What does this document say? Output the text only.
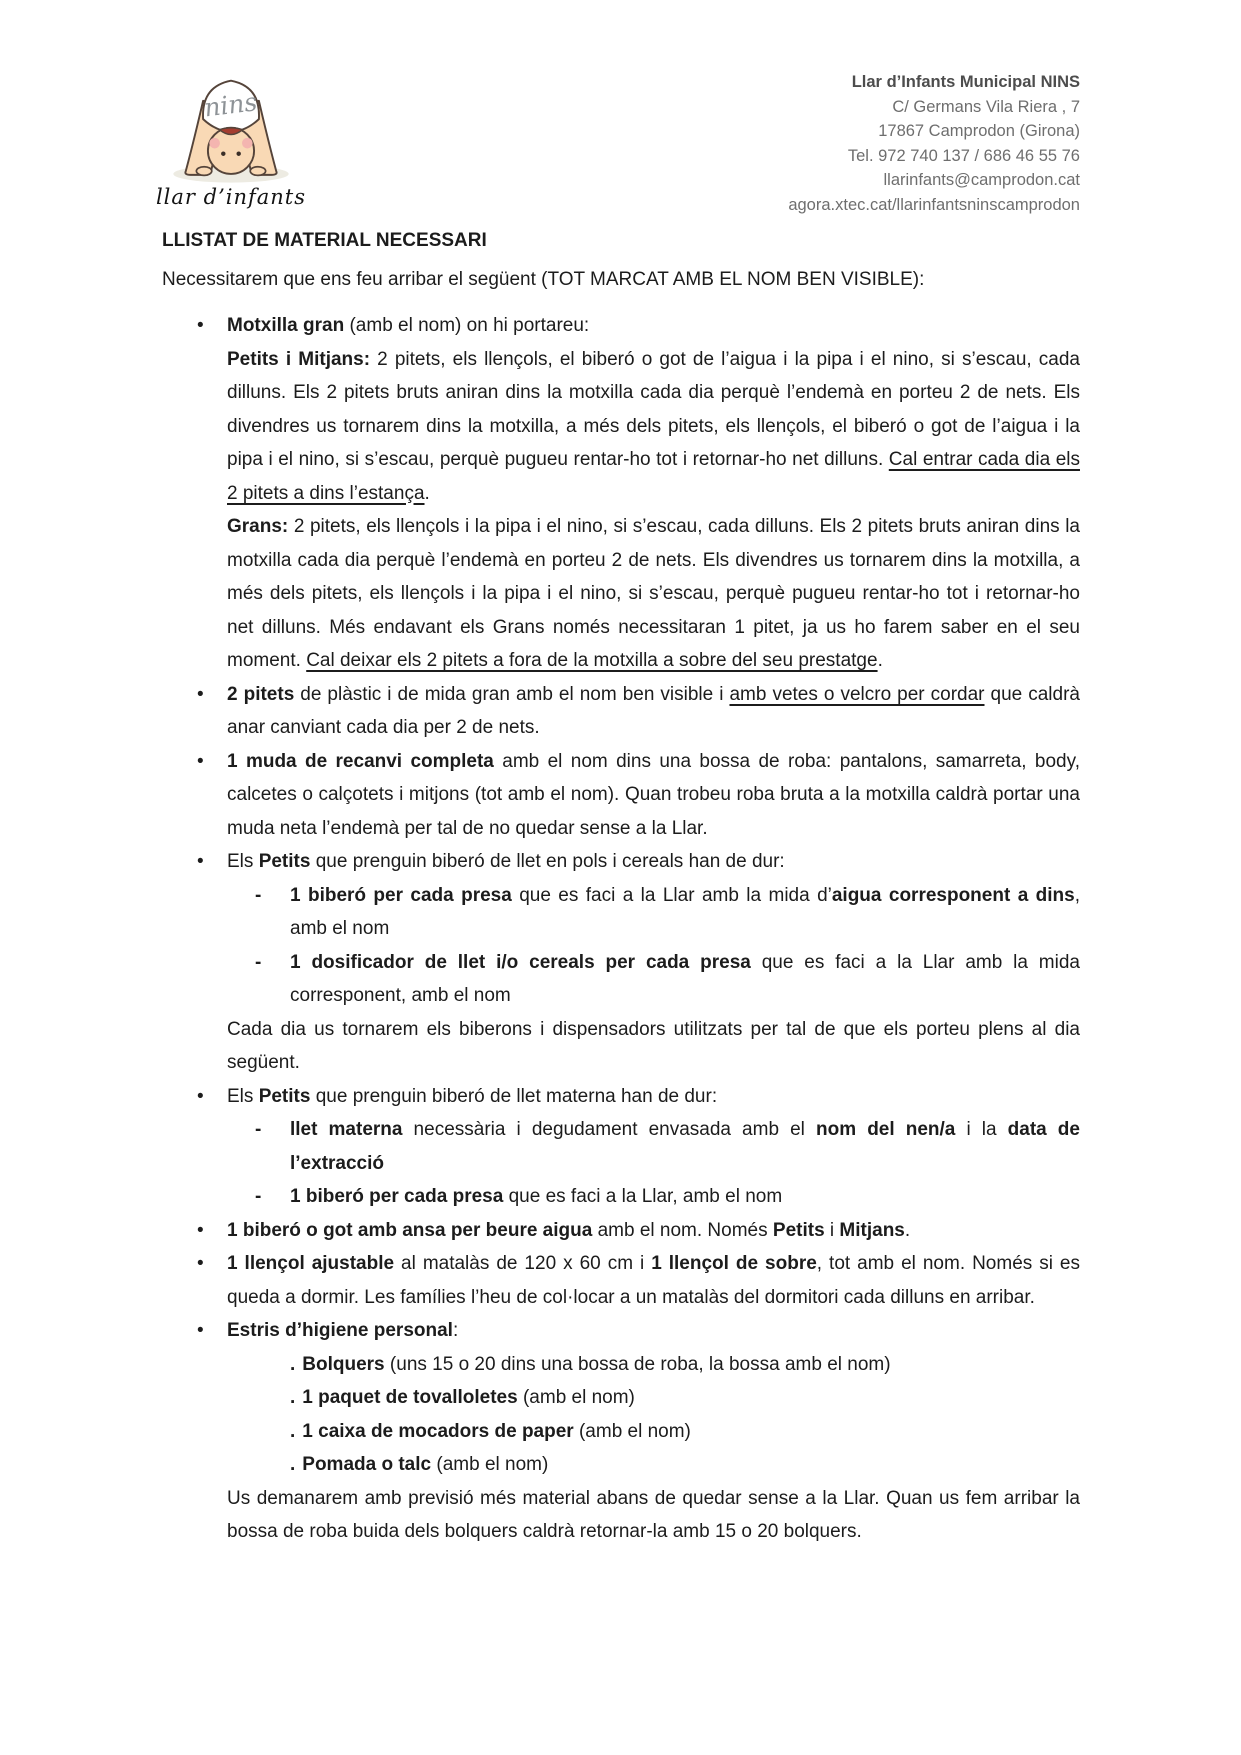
nins
llar d’infants
Llar d’Infants Municipal NINS
C/ Germans Vila Riera , 7
17867 Camprodon (Girona)
Tel. 972 740 137 / 686 46 55 76
llarinfants@camprodon.cat
agora.xtec.cat/llarinfantsninscamprodon
LLISTAT DE MATERIAL NECESSARI
Necessitarem que ens feu arribar el següent (TOT MARCAT AMB EL NOM BEN VISIBLE):
• Motxilla gran (amb el nom) on hi portareu:

Petits i Mitjans: 2 pitets, els llençols, el biberó o got de l’aigua i la pipa i el nino, si s’escau, cada dilluns. Els 2 pitets bruts aniran dins la motxilla cada dia perquè l’endemà en porteu 2 de nets. Els divendres us tornarem dins la motxilla, a més dels pitets, els llençols, el biberó o got de l’aigua i la pipa i el nino, si s’escau, perquè pugueu rentar-ho tot i retornar-ho net dilluns. Cal entrar cada dia els 2 pitets a dins l’estança.

Grans: 2 pitets, els llençols i la pipa i el nino, si s’escau, cada dilluns. Els 2 pitets bruts aniran dins la motxilla cada dia perquè l’endemà en porteu 2 de nets. Els divendres us tornarem dins la motxilla, a més dels pitets, els llençols i la pipa i el nino, si s’escau, perquè pugueu rentar-ho tot i retornar-ho net dilluns. Més endavant els Grans només necessitaran 1 pitet, ja us ho farem saber en el seu moment. Cal deixar els 2 pitets a fora de la motxilla a sobre del seu prestatge.

• 2 pitets de plàstic i de mida gran amb el nom ben visible i amb vetes o velcro per cordar que caldrà anar canviant cada dia per 2 de nets.

• 1 muda de recanvi completa amb el nom dins una bossa de roba: pantalons, samarreta, body, calcetes o calçotets i mitjons (tot amb el nom). Quan trobeu roba bruta a la motxilla caldrà portar una muda neta l’endemà per tal de no quedar sense a la Llar.

• Els Petits que prenguin biberó de llet en pols i cereals han de dur:

- 1 biberó per cada presa que es faci a la Llar amb la mida d’aigua corresponent a dins, amb el nom

- 1 dosificador de llet i/o cereals per cada presa que es faci a la Llar amb la mida corresponent, amb el nom

Cada dia us tornarem els biberons i dispensadors utilitzats per tal de que els porteu plens al dia següent.

• Els Petits que prenguin biberó de llet materna han de dur:

- llet materna necessària i degudament envasada amb el nom del nen/a i la data de l’extracció

- 1 biberó per cada presa que es faci a la Llar, amb el nom

• 1 biberó o got amb ansa per beure aigua amb el nom. Només Petits i Mitjans.

• 1 llençol ajustable al matalàs de 120 x 60 cm i 1 llençol de sobre, tot amb el nom. Només si es queda a dormir. Les famílies l’heu de col·locar a un matalàs del dormitori cada dilluns en arribar.

• Estris d’higiene personal:

. Bolquers (uns 15 o 20 dins una bossa de roba, la bossa amb el nom)

. 1 paquet de tovalloletes (amb el nom)

. 1 caixa de mocadors de paper (amb el nom)

. Pomada o talc (amb el nom)

Us demanarem amb previsió més material abans de quedar sense a la Llar. Quan us fem arribar la bossa de roba buida dels bolquers caldrà retornar-la amb 15 o 20 bolquers.
